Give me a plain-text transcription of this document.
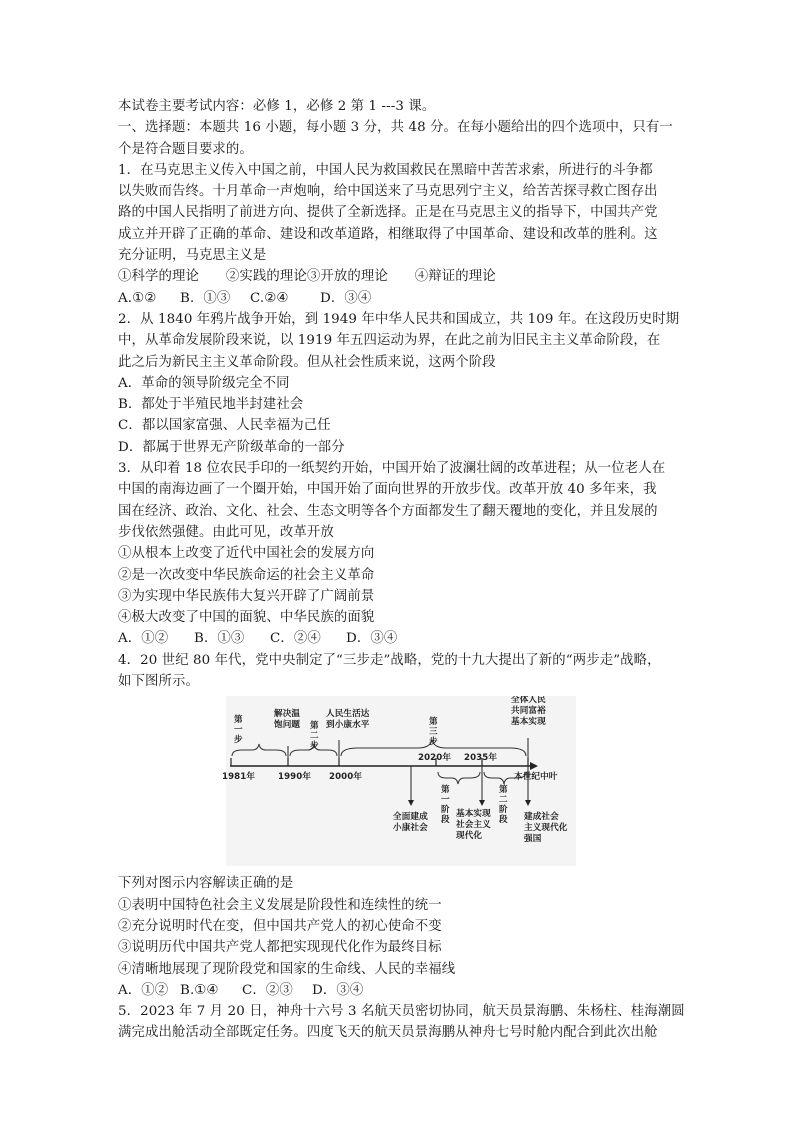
本试卷主要考试内容：必修 1，必修 2 第 1 ---3 课。
一、选择题：本题共 16 小题，每小题 3 分，共 48 分。在每小题给出的四个选项中，只有一
个是符合题目要求的。
1．在马克思主义传入中国之前，中国人民为救国救民在黑暗中苦苦求索，所进行的斗争都
以失败而告终。十月革命一声炮响，给中国送来了马克思列宁主义，给苦苦探寻救亡图存出
路的中国人民指明了前进方向、提供了全新选择。正是在马克思主义的指导下，中国共产党
成立并开辟了正确的革命、建设和改革道路，相继取得了中国革命、建设和改革的胜利。这
充分证明，马克思主义是
①科学的理论　　②实践的理论③开放的理论　　④辩证的理论
A.①② B．①③ C.②④ D．③④
2．从 1840 年鸦片战争开始，到 1949 年中华人民共和国成立，共 109 年。在这段历史时期
中，从革命发展阶段来说，以 1919 年五四运动为界，在此之前为旧民主主义革命阶段，在
此之后为新民主主义革命阶段。但从社会性质来说，这两个阶段
A．革命的领导阶级完全不同
B．都处于半殖民地半封建社会
C．都以国家富强、人民幸福为己任
D．都属于世界无产阶级革命的一部分
3．从印着 18 位农民手印的一纸契约开始，中国开始了波澜壮阔的改革进程；从一位老人在
中国的南海边画了一个圈开始，中国开始了面向世界的开放步伐。改革开放 40 多年来，我
国在经济、政治、文化、社会、生态文明等各个方面都发生了翻天覆地的变化，并且发展的
步伐依然强健。由此可见，改革开放
①从根本上改变了近代中国社会的发展方向
②是一次改变中华民族命运的社会主义革命
③为实现中华民族伟大复兴开辟了广阔前景
④极大改变了中国的面貌、中华民族的面貌
A．①② B．①③ C．②④ D．③④
4．20 世纪 80 年代，党中央制定了“三步走”战略，党的十九大提出了新的“两步走”战略，
如下图所示。
第 一 步
第 二 步
第 三 步
解决温 饱问题
人民生活达 到小康水平
全体人民 共同富裕 基本实现
1981年	1990年 2000年
2020年 2035年
本世纪中叶
第 一 阶 段
第 二 阶 段
全面建成 小康社会
基本实现 社会主义 现代化
建成社会 主义现代化 强国
下列对图示内容解读正确的是
①表明中国特色社会主义发展是阶段性和连续性的统一
②充分说明时代在变，但中国共产党人的初心使命不变
③说明历代中国共产党人都把实现现代化作为最终目标
④清晰地展现了现阶段党和国家的生命线、人民的幸福线
A．①② B.①④ C．②③ D．③④
5．2023 年 7 月 20 日，神舟十六号 3 名航天员密切协同，航天员景海鹏、朱杨柱、桂海潮圆
满完成出舱活动全部既定任务。四度飞天的航天员景海鹏从神舟七号时舱内配合到此次出舱
